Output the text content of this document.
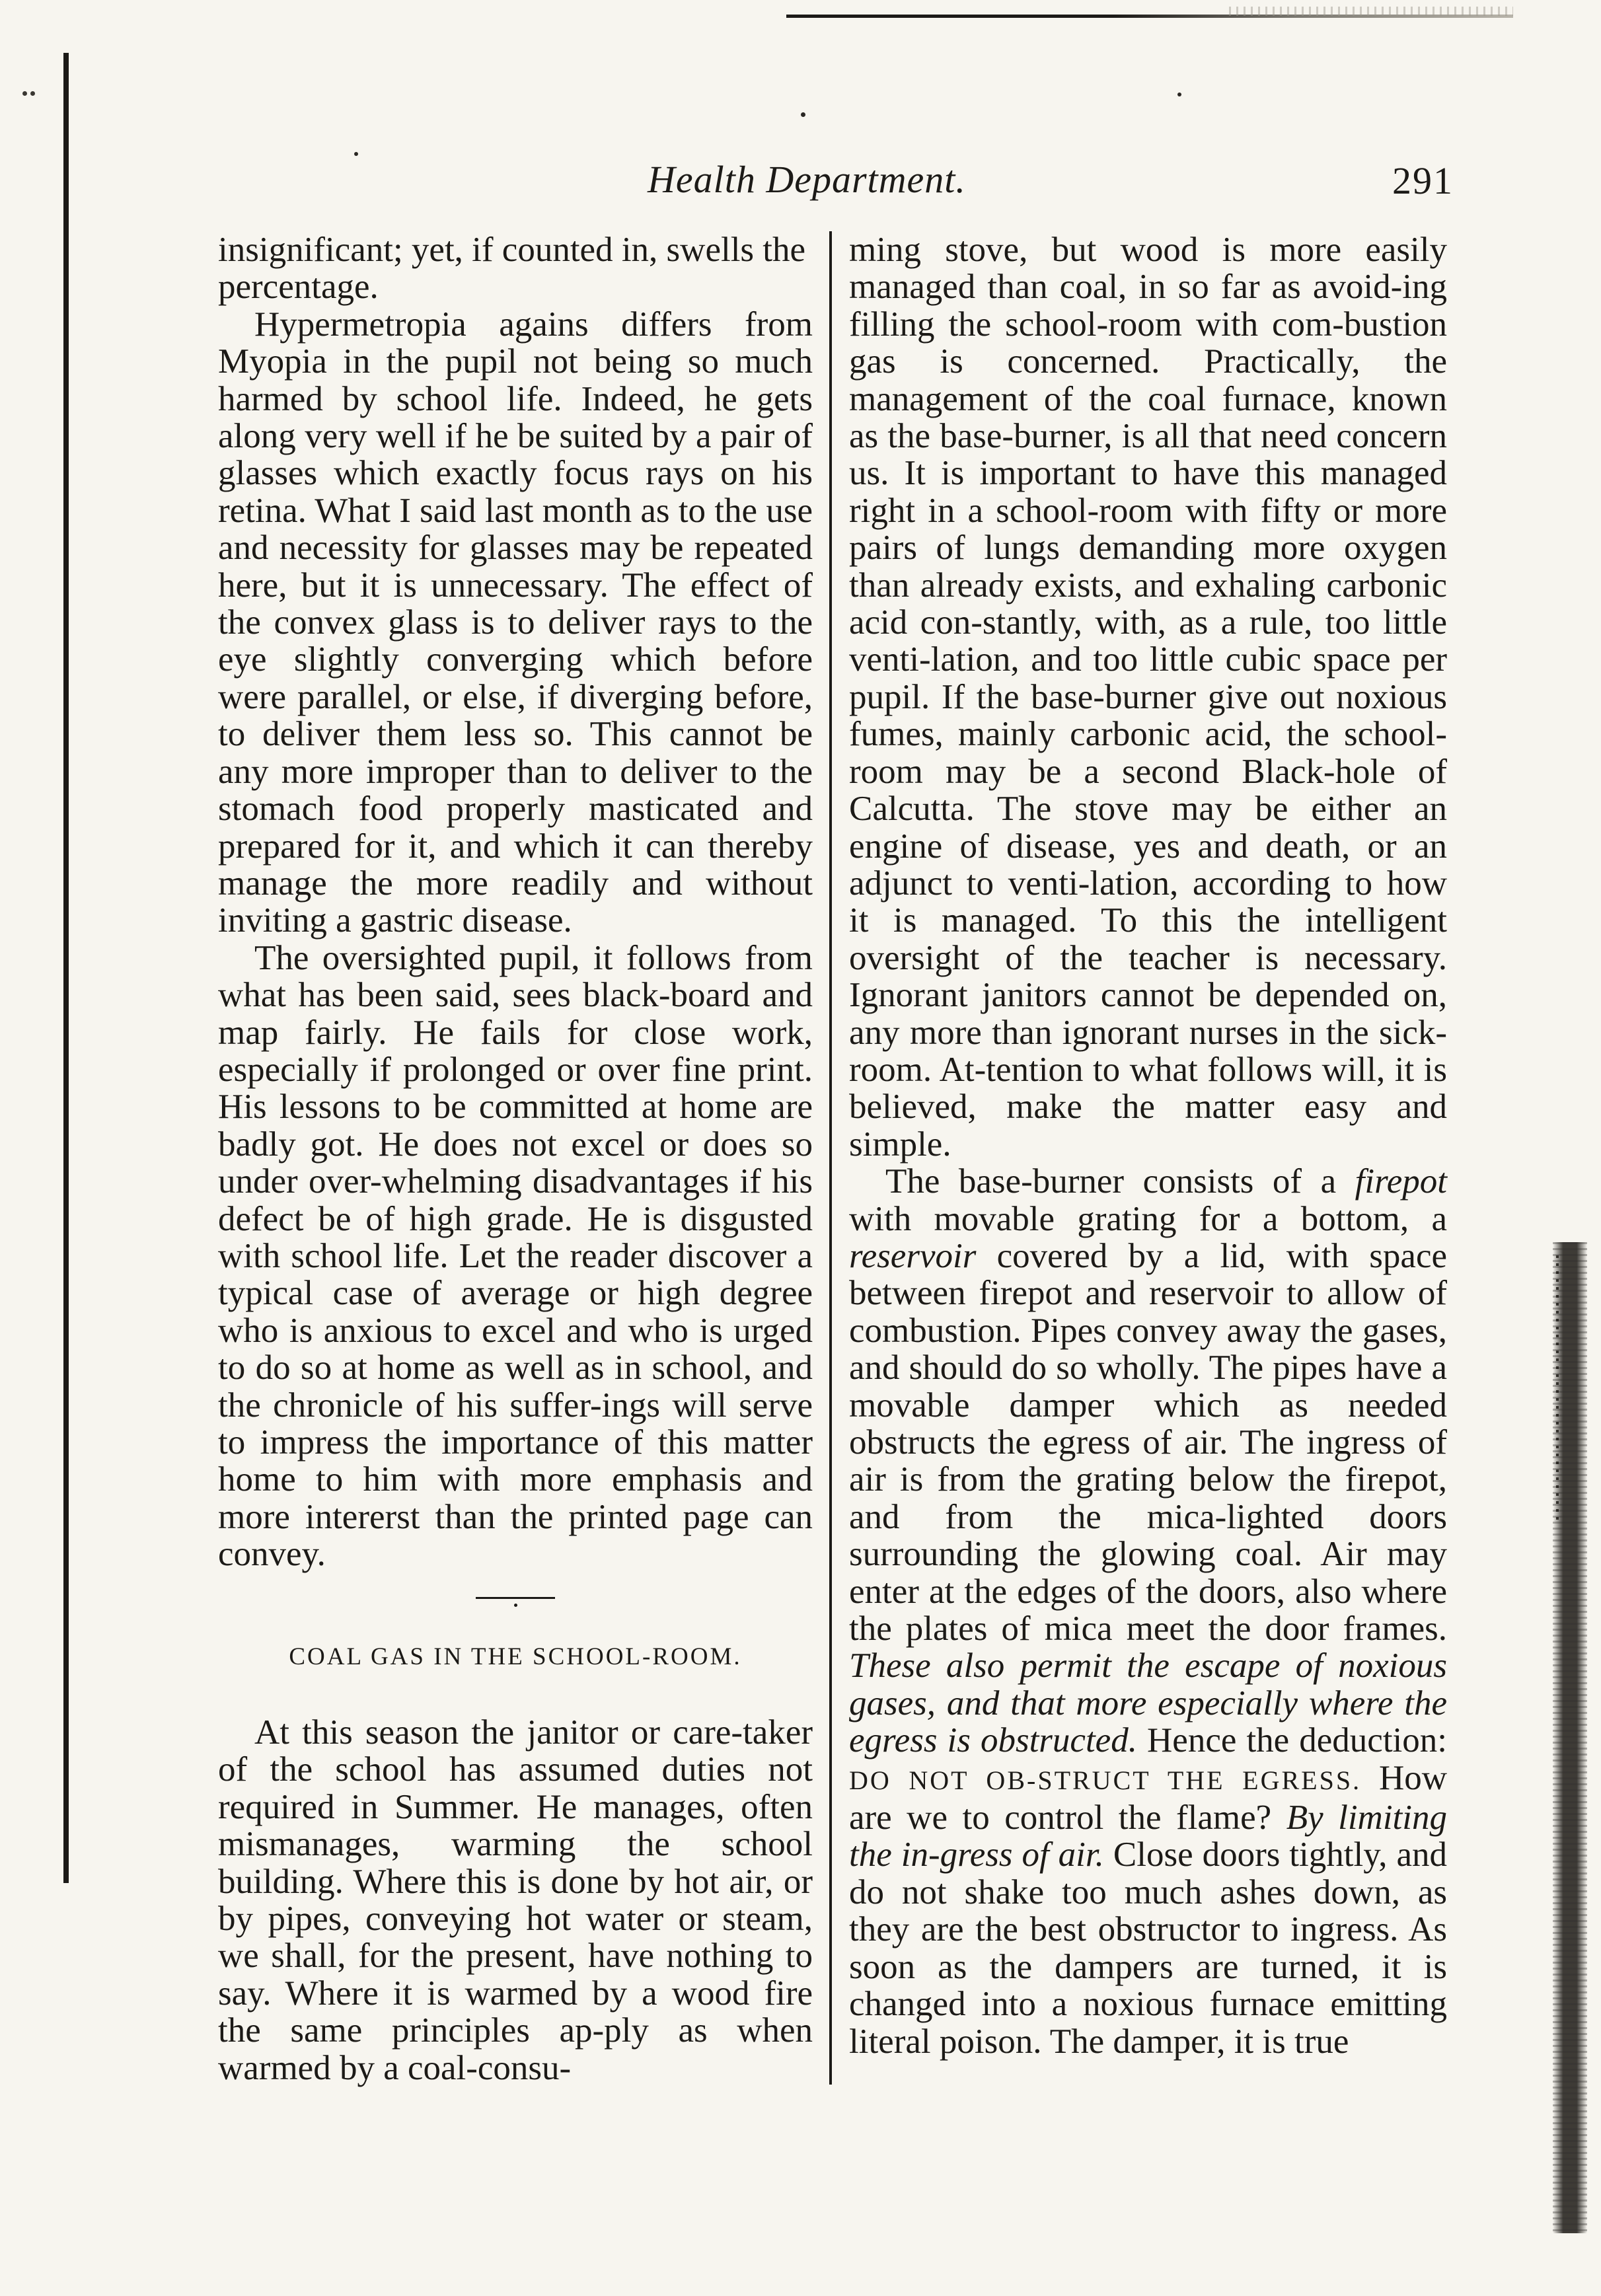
Health Department.	291

insignificant; yet, if counted in, swells the percentage.

Hypermetropia agains differs from Myopia in the pupil not being so much harmed by school life. Indeed, he gets along very well if he be suited by a pair of glasses which exactly focus rays on his retina. What I said last month as to the use and necessity for glasses may be repeated here, but it is unnecessary. The effect of the convex glass is to deliver rays to the eye slightly converging which before were parallel, or else, if diverging before, to deliver them less so. This cannot be any more improper than to deliver to the stomach food properly masticated and prepared for it, and which it can thereby manage the more readily and without inviting a gastric disease.

The oversighted pupil, it follows from what has been said, sees black-board and map fairly. He fails for close work, especially if prolonged or over fine print. His lessons to be committed at home are badly got. He does not excel or does so under over-whelming disadvantages if his defect be of high grade. He is disgusted with school life. Let the reader discover a typical case of average or high degree who is anxious to excel and who is urged to do so at home as well as in school, and the chronicle of his suffer-ings will serve to impress the importance of this matter home to him with more emphasis and more intererst than the printed page can convey.

COAL GAS IN THE SCHOOL-ROOM.

At this season the janitor or care-taker of the school has assumed duties not required in Summer. He manages, often mismanages, warming the school building. Where this is done by hot air, or by pipes, conveying hot water or steam, we shall, for the present, have nothing to say. Where it is warmed by a wood fire the same principles ap-ply as when warmed by a coal-consu-

ming stove, but wood is more easily managed than coal, in so far as avoid-ing filling the school-room with com-bustion gas is concerned. Practically, the management of the coal furnace, known as the base-burner, is all that need concern us. It is important to have this managed right in a school-room with fifty or more pairs of lungs demanding more oxygen than already exists, and exhaling carbonic acid con-stantly, with, as a rule, too little venti-lation, and too little cubic space per pupil. If the base-burner give out noxious fumes, mainly carbonic acid, the school-room may be a second Black-hole of Calcutta. The stove may be either an engine of disease, yes and death, or an adjunct to venti-lation, according to how it is managed. To this the intelligent oversight of the teacher is necessary. Ignorant janitors cannot be depended on, any more than ignorant nurses in the sick-room. At-tention to what follows will, it is believed, make the matter easy and simple.

The base-burner consists of a firepot with movable grating for a bottom, a reservoir covered by a lid, with space between firepot and reservoir to allow of combustion. Pipes convey away the gases, and should do so wholly. The pipes have a movable damper which as needed obstructs the egress of air. The ingress of air is from the grating below the firepot, and from the mica-lighted doors surrounding the glowing coal. Air may enter at the edges of the doors, also where the plates of mica meet the door frames. These also permit the escape of noxious gases, and that more especially where the egress is obstructed. Hence the deduction: DO NOT OB-STRUCT THE EGRESS. How are we to control the flame? By limiting the in-gress of air. Close doors tightly, and do not shake too much ashes down, as they are the best obstructor to ingress. As soon as the dampers are turned, it is changed into a noxious furnace emitting literal poison. The damper, it is true
